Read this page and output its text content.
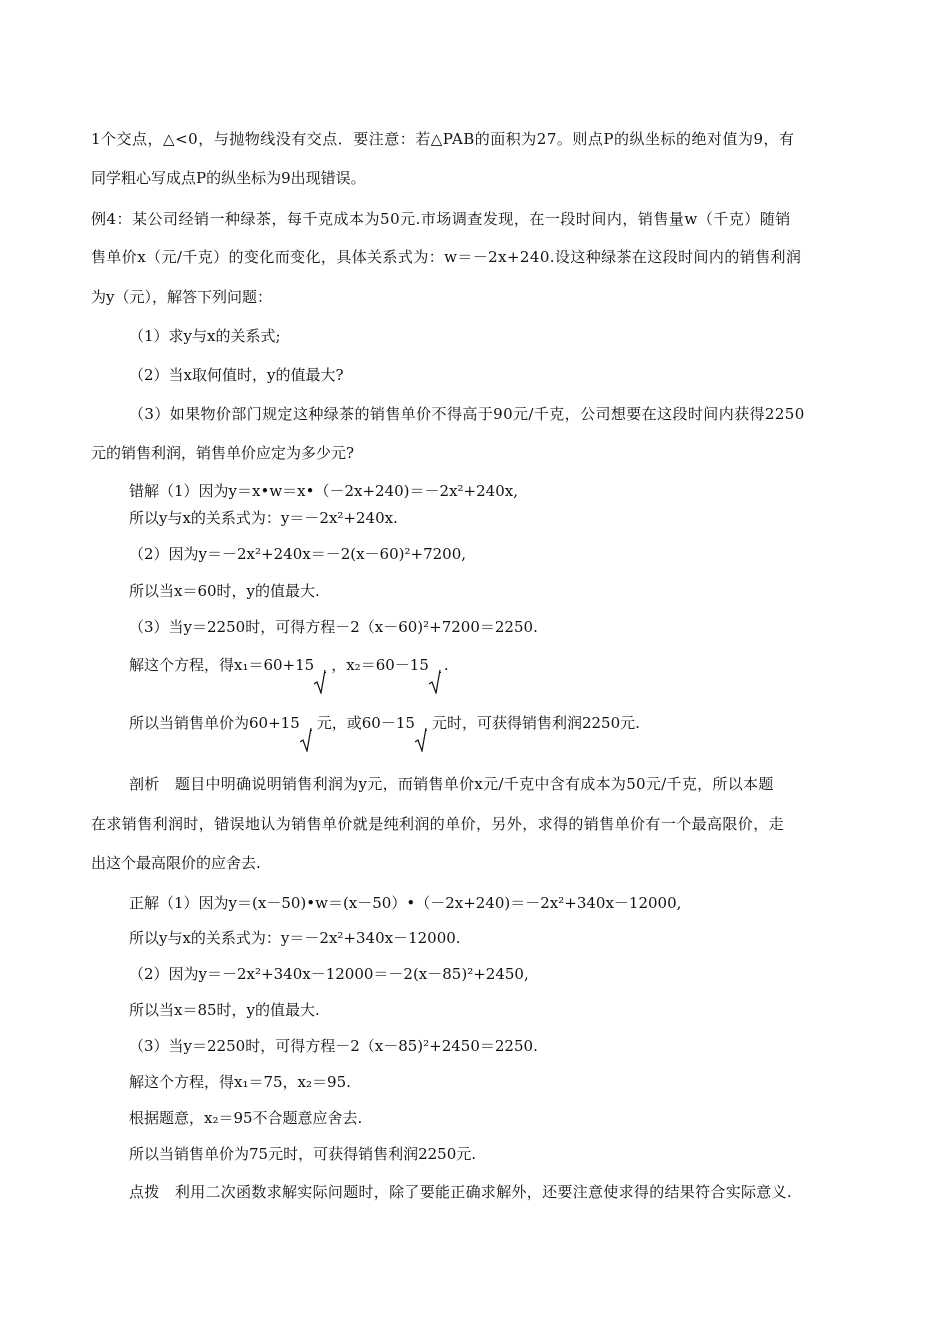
1个交点，△<0，与抛物线没有交点．要注意：若△PAB的面积为27。则点P的纵坐标的绝对值为9，有
同学粗心写成点P的纵坐标为9出现错误。
例4：某公司经销一种绿茶，每千克成本为50元.市场调查发现，在一段时间内，销售量w（千克）随销
售单价x（元/千克）的变化而变化，具体关系式为：w＝－2x+240.设这种绿茶在这段时间内的销售利润
为y（元），解答下列问题：
（1）求y与x的关系式;
（2）当x取何值时，y的值最大?
（3）如果物价部门规定这种绿茶的销售单价不得高于90元/千克，公司想要在这段时间内获得2250
元的销售利润，销售单价应定为多少元?
错解（1）因为y＝x•w＝x•（－2x+240)＝－2x²+240x,
所以y与x的关系式为：y＝－2x²+240x.
（2）因为y＝－2x²+240x＝－2(x－60)²+7200,
所以当x＝60时，y的值最大.
（3）当y＝2250时，可得方程－2（x－60)²+7200＝2250.
解这个方程，得x₁＝60+15 ，x₂＝60－15 .
所以当销售单价为60+15 元，或60－15 元时，可获得销售利润2250元.
剖析　题目中明确说明销售利润为y元，而销售单价x元/千克中含有成本为50元/千克，所以本题
在求销售利润时，错误地认为销售单价就是纯利润的单价，另外，求得的销售单价有一个最高限价，走
出这个最高限价的应舍去.
正解（1）因为y＝(x－50)•w＝(x－50）•（－2x+240)＝－2x²+340x－12000,
所以y与x的关系式为：y＝－2x²+340x－12000.
（2）因为y＝－2x²+340x－12000＝－2(x－85)²+2450,
所以当x＝85时，y的值最大.
（3）当y＝2250时，可得方程－2（x－85)²+2450＝2250.
解这个方程，得x₁＝75，x₂＝95.
根据题意，x₂＝95不合题意应舍去.
所以当销售单价为75元时，可获得销售利润2250元.
点拨　利用二次函数求解实际问题时，除了要能正确求解外，还要注意使求得的结果符合实际意义.
